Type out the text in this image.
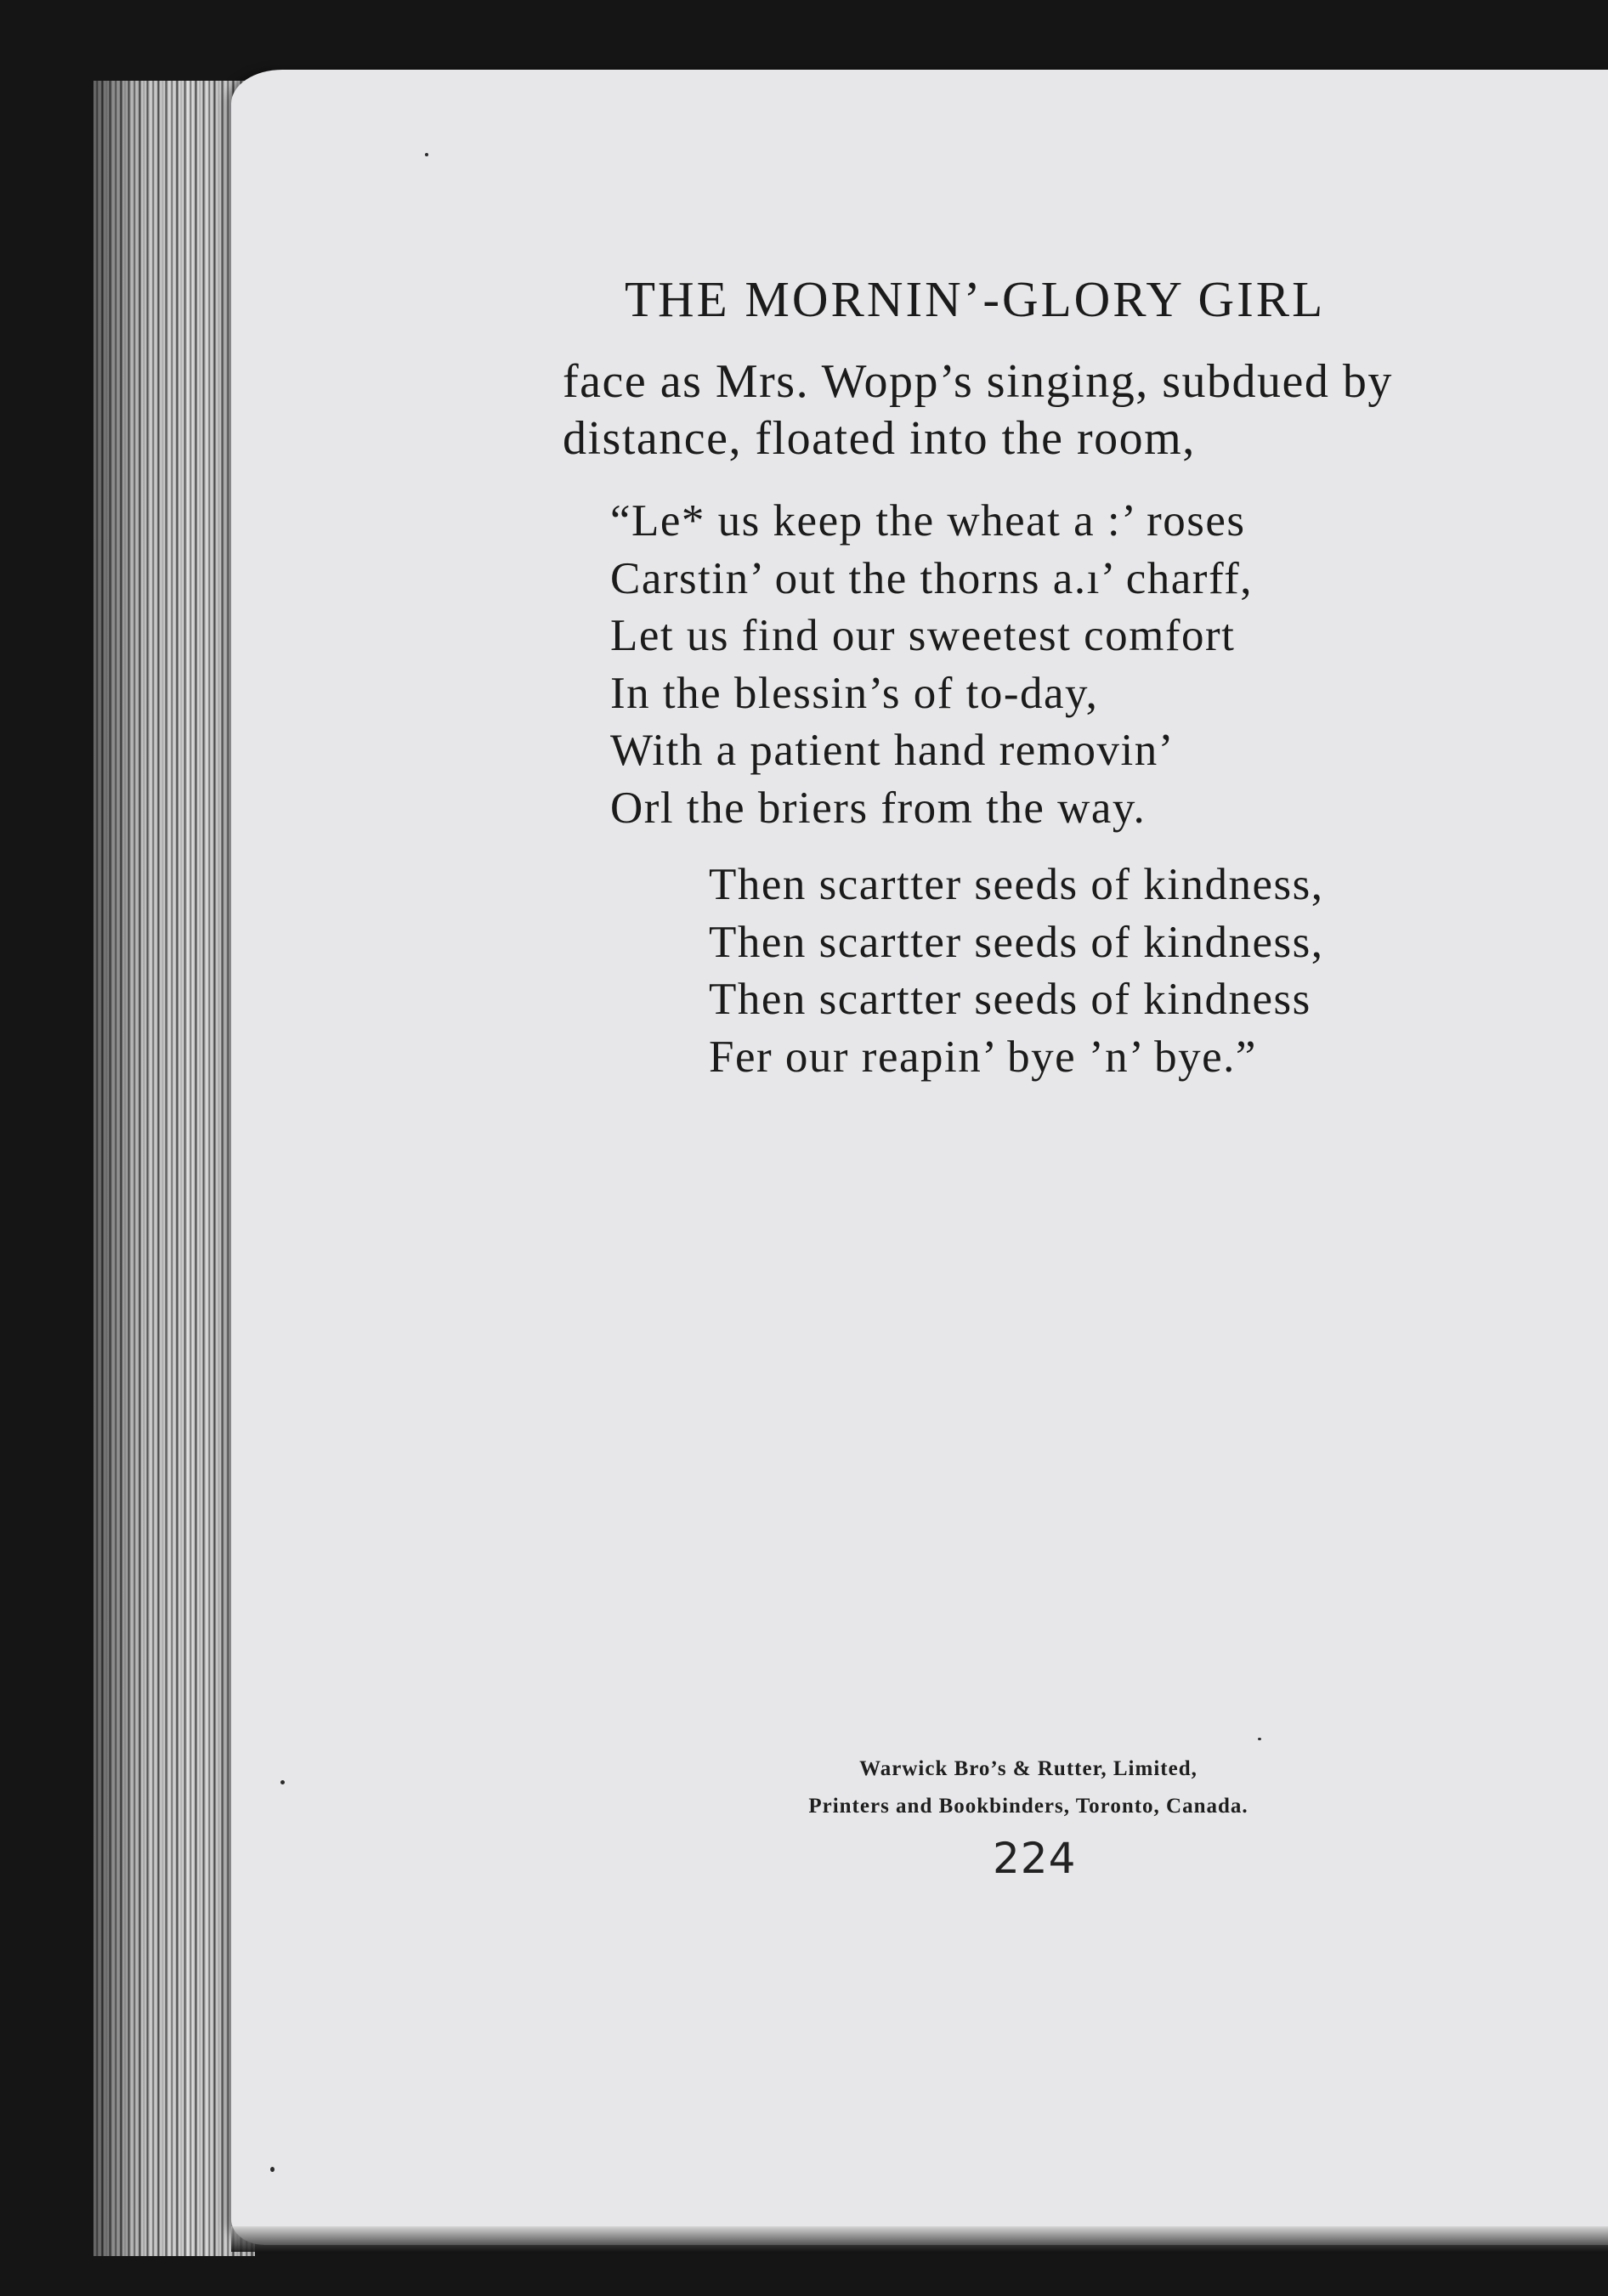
THE MORNIN’-GLORY GIRL
face as Mrs. Wopp’s singing, subdued by
distance, floated into the room,
“Le* us keep the wheat a :’ roses
Carstin’ out the thorns a.ı’ charff,
Let us find our sweetest comfort
In the blessin’s of to-day,
With a patient hand removin’
Orl the briers from the way.
Then scartter seeds of kindness,
Then scartter seeds of kindness,
Then scartter seeds of kindness
Fer our reapin’ bye ’n’ bye.”
Warwick Bro’s & Rutter, Limited,
Printers and Bookbinders, Toronto, Canada.
224
